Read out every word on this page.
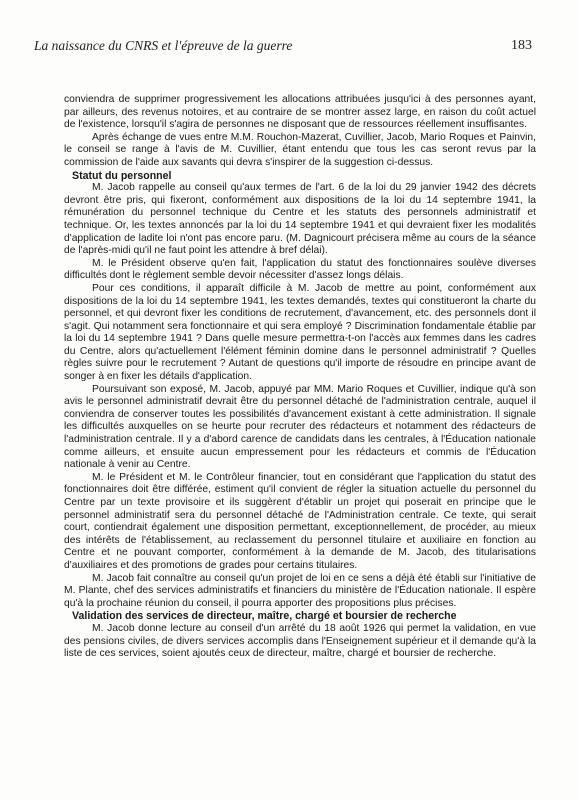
La naissance du CNRS et l'épreuve de la guerre	183

conviendra de supprimer progressivement les allocations attribuées jusqu'ici à des personnes ayant, par ailleurs, des revenus notoires, et au contraire de se montrer assez large, en raison du coût actuel de l'existence, lorsqu'il s'agira de personnes ne disposant que de ressources réellement insuffisantes.

Après échange de vues entre M.M. Rouchon-Mazerat, Cuvillier, Jacob, Mario Roques et Painvin, le conseil se range à l'avis de M. Cuvillier, étant entendu que tous les cas seront revus par la commission de l'aide aux savants qui devra s'inspirer de la suggestion ci-dessus.

Statut du personnel

M. Jacob rappelle au conseil qu'aux termes de l'art. 6 de la loi du 29 janvier 1942 des décrets devront être pris, qui fixeront, conformément aux dispositions de la loi du 14 septembre 1941, la rémunération du personnel technique du Centre et les statuts des personnels administratif et technique. Or, les textes annoncés par la loi du 14 septembre 1941 et qui devraient fixer les modalités d'application de ladite loi n'ont pas encore paru. (M. Dagnicourt précisera même au cours de la séance de l'après-midi qu'il ne faut point les attendre à bref délai).

M. le Président observe qu'en fait, l'application du statut des fonctionnaires soulève diverses difficultés dont le règlement semble devoir nécessiter d'assez longs délais.

Pour ces conditions, il apparaît difficile à M. Jacob de mettre au point, conformément aux dispositions de la loi du 14 septembre 1941, les textes demandés, textes qui constitueront la charte du personnel, et qui devront fixer les conditions de recrutement, d'avancement, etc. des personnels dont il s'agit. Qui notamment sera fonctionnaire et qui sera employé ? Discrimination fondamentale établie par la loi du 14 septembre 1941 ? Dans quelle mesure permettra-t-on l'accès aux femmes dans les cadres du Centre, alors qu'actuellement l'élément féminin domine dans le personnel administratif ? Quelles règles suivre pour le recrutement ? Autant de questions qu'il importe de résoudre en principe avant de songer à en fixer les détails d'application.

Poursuivant son exposé, M. Jacob, appuyé par MM. Mario Roques et Cuvillier, indique qu'à son avis le personnel administratif devrait être du personnel détaché de l'administration centrale, auquel il conviendra de conserver toutes les possibilités d'avancement existant à cette administration. Il signale les difficultés auxquelles on se heurte pour recruter des rédacteurs et notamment des rédacteurs de l'administration centrale. Il y a d'abord carence de candidats dans les centrales, à l'Éducation nationale comme ailleurs, et ensuite aucun empressement pour les rédacteurs et commis de l'Éducation nationale à venir au Centre.

M. le Président et M. le Contrôleur financier, tout en considérant que l'application du statut des fonctionnaires doit être différée, estiment qu'il convient de régler la situation actuelle du personnel du Centre par un texte provisoire et ils suggèrent d'établir un projet qui poserait en principe que le personnel administratif sera du personnel détaché de l'Administration centrale. Ce texte, qui serait court, contiendrait également une disposition permettant, exceptionnellement, de procéder, au mieux des intérêts de l'établissement, au reclassement du personnel titulaire et auxiliaire en fonction au Centre et ne pouvant comporter, conformément à la demande de M. Jacob, des titularisations d'auxiliaires et des promotions de grades pour certains titulaires.

M. Jacob fait connaître au conseil qu'un projet de loi en ce sens a déjà été établi sur l'initiative de M. Plante, chef des services administratifs et financiers du ministère de l'Éducation nationale. Il espère qu'à la prochaine réunion du conseil, il pourra apporter des propositions plus précises.

Validation des services de directeur, maître, chargé et boursier de recherche

M. Jacob donne lecture au conseil d'un arrêté du 18 août 1926 qui permet la validation, en vue des pensions civiles, de divers services accomplis dans l'Enseignement supérieur et il demande qu'à la liste de ces services, soient ajoutés ceux de directeur, maître, chargé et boursier de recherche.
